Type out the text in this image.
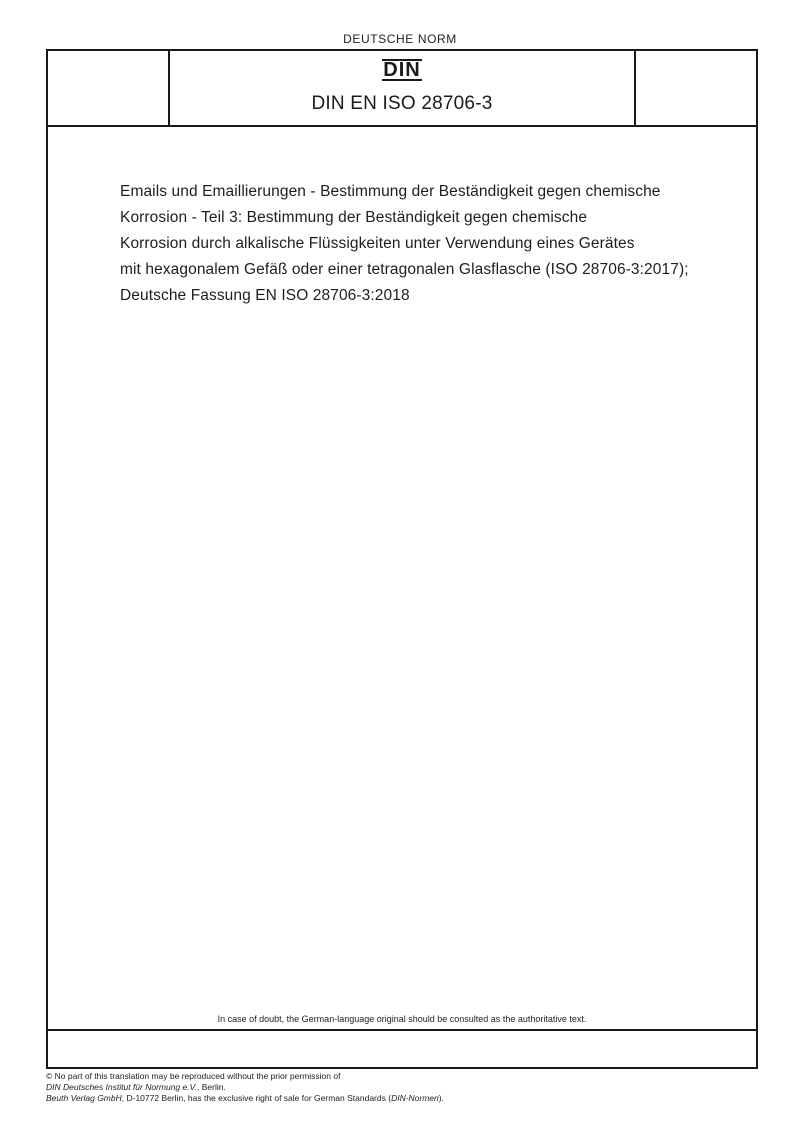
DEUTSCHE NORM
DIN
DIN EN ISO 28706-3

Emails und Emaillierungen - Bestimmung der Beständigkeit gegen chemische
Korrosion - Teil 3: Bestimmung der Beständigkeit gegen chemische
Korrosion durch alkalische Flüssigkeiten unter Verwendung eines Gerätes
mit hexagonalem Gefäß oder einer tetragonalen Glasflasche (ISO 28706-3:2017);
Deutsche Fassung EN ISO 28706-3:2018

In case of doubt, the German-language original should be consulted as the authoritative text.
© No part of this translation may be reproduced without the prior permission of
DIN Deutsches Institut für Normung e.V., Berlin.
Beuth Verlag GmbH, D-10772 Berlin, has the exclusive right of sale for German Standards (DIN-Normen).
